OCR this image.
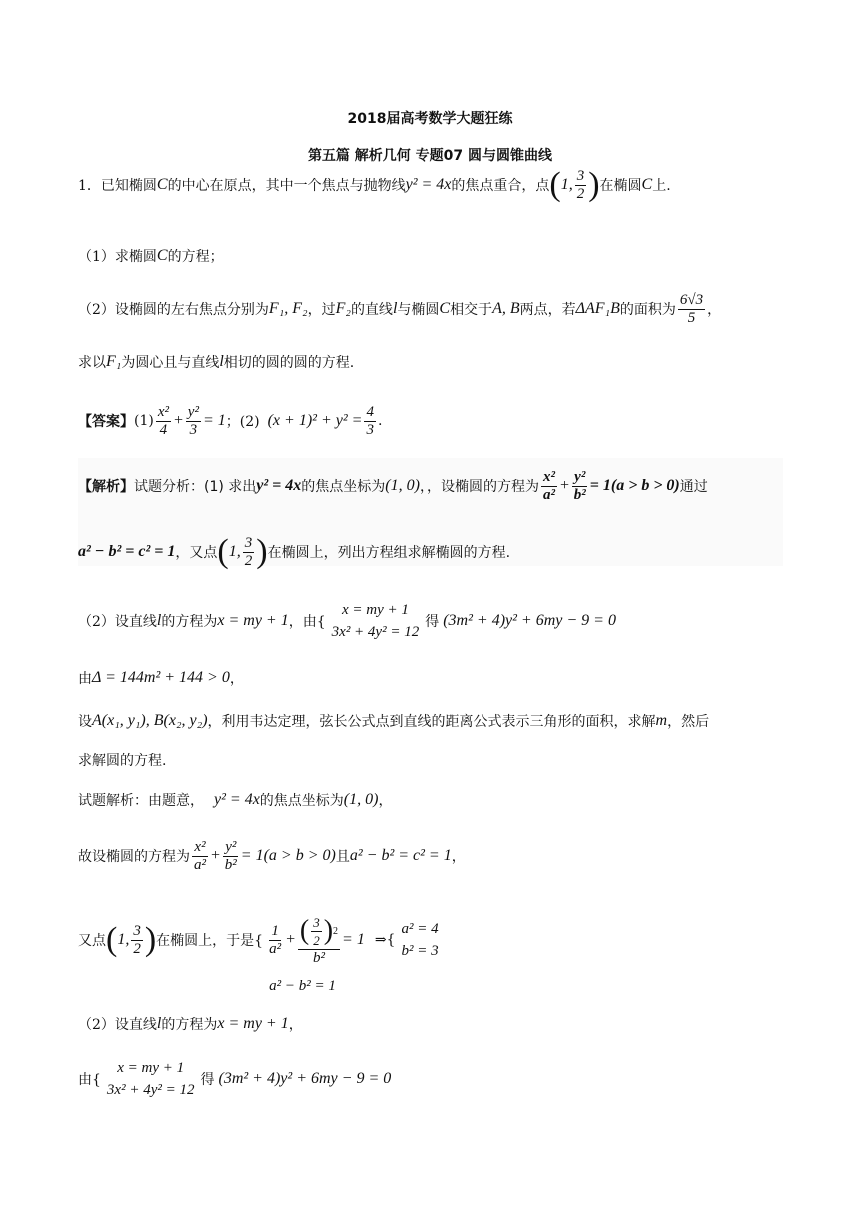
2018届高考数学大题狂练
第五篇 解析几何 专题07 圆与圆锥曲线
1．已知椭圆 C 的中心在原点，其中一个焦点与抛物线 y² = 4x 的焦点重合，点 ( 1, $\frac{3}{2}$ ) 在椭圆 C 上.
（1）求椭圆 C 的方程；
（2）设椭圆的左右焦点分别为 F₁, F₂ ，过 F₂ 的直线 l 与椭圆 C 相交于 A, B 两点，若 ΔAF₁B 的面积为 $\frac{6√3}{5}$ ，
求以 F₁ 为圆心且与直线 l 相切的圆的圆的方程.
【答案】 $(1) \frac{\text{x²}}{4} + \frac{\text{y²}}{3} = 1$ ；(2) $(x + 1)^2 + y^2 = \frac{4}{3}$ .
【解析】 试题分析：(1) 求出 y² = 4x 的焦点坐标为 (1, 0) ，，设椭圆的方程为 $\frac{\text{x²}}{\text{a²}} + \frac{\text{y²}}{\text{b²}} = 1(a > b > 0)$ 通过
a² − b² = c² = 1 ，又点 ( 1, $\frac{3}{2}$ ) 在椭圆上，列出方程组求解椭圆的方程.
（2）设直线 l 的方程为 x = my + 1 ，由{
x = my + 1
3x² + 4y² = 12
得 (3m² + 4)y² + 6my − 9 = 0
由 Δ = 144m² + 144 > 0 ，
设 A(x₁, y₁), B(x₂, y₂) ，利用韦达定理，弦长公式点到直线的距离公式表示三角形的面积，求解 m ，然后
求解圆的方程.
试题解析：由题意， y² = 4x 的焦点坐标为 (1, 0) ，
故设椭圆的方程为 $\frac{\text{x²}}{\text{a²}} + \frac{\text{y²}}{\text{b²}} = 1(a > b > 0)$ 且 a² − b² = c² = 1 ，
又点 ( 1, $\frac{3}{2}$ ) 在椭圆上，于是{ $\frac{1}{\text{a²}} + \frac{( \frac{3}{2} ) 2}{\text{b²}} = 1$
a² − b² = 1
⇒{
a² = 4
b² = 3
（2）设直线 l 的方程为 x = my + 1 ，
由{
x = my + 1
3x² + 4y² = 12
得 (3m² + 4)y² + 6my − 9 = 0
